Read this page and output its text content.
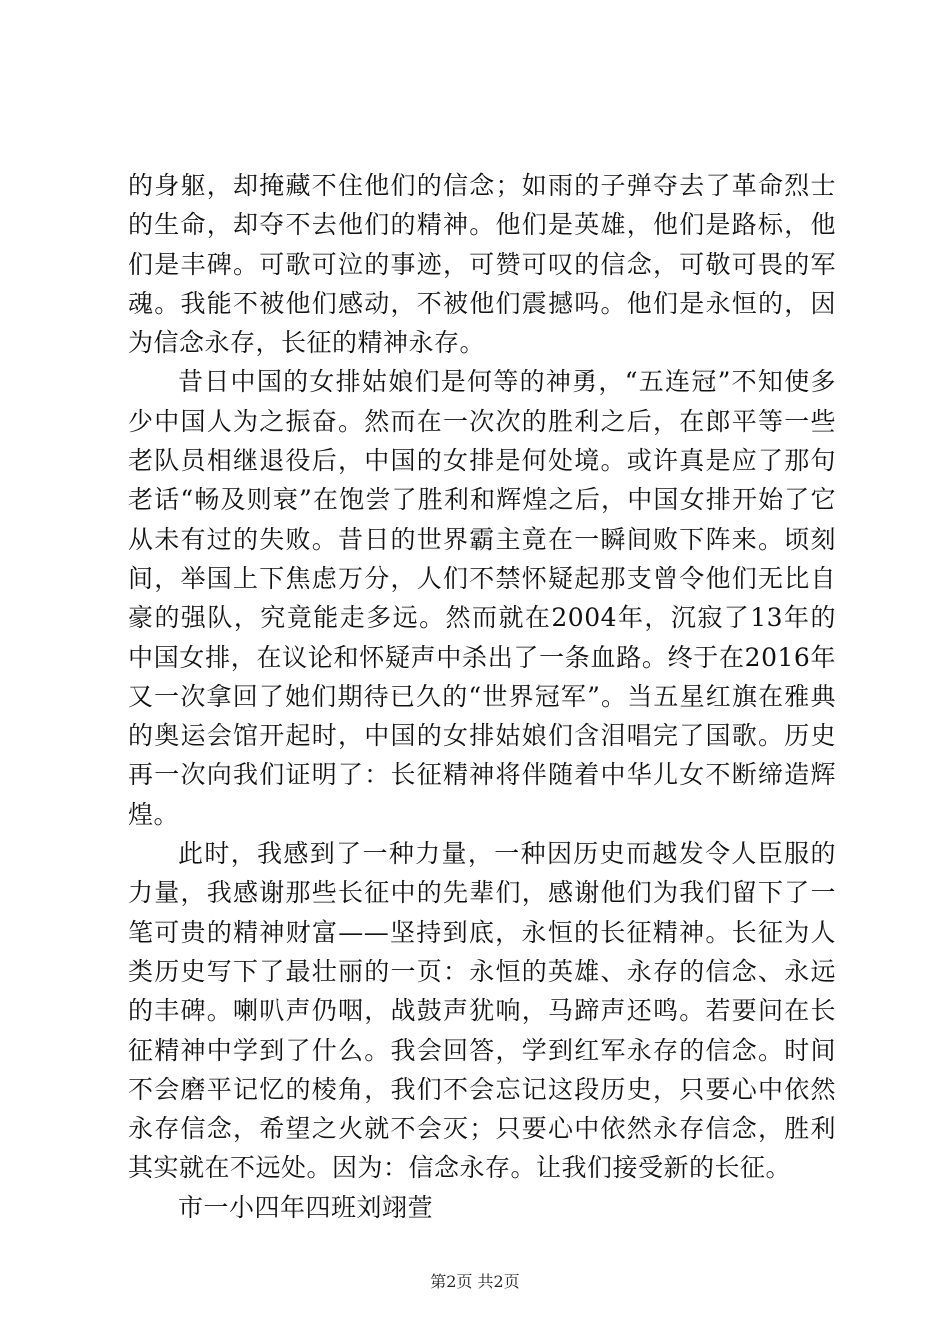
的身躯，却掩藏不住他们的信念；如雨的子弹夺去了革命烈士的生命，却夺不去他们的精神。他们是英雄，他们是路标，他们是丰碑。可歌可泣的事迹，可赞可叹的信念，可敬可畏的军魂。我能不被他们感动，不被他们震撼吗。他们是永恒的，因为信念永存，长征的精神永存。

昔日中国的女排姑娘们是何等的神勇，“五连冠”不知使多少中国人为之振奋。然而在一次次的胜利之后，在郎平等一些老队员相继退役后，中国的女排是何处境。或许真是应了那句老话“畅及则衰”在饱尝了胜利和辉煌之后，中国女排开始了它从未有过的失败。昔日的世界霸主竟在一瞬间败下阵来。顷刻间，举国上下焦虑万分，人们不禁怀疑起那支曾令他们无比自豪的强队，究竟能走多远。然而就在2004年，沉寂了13年的中国女排，在议论和怀疑声中杀出了一条血路。终于在2016年又一次拿回了她们期待已久的“世界冠军”。当五星红旗在雅典的奥运会馆开起时，中国的女排姑娘们含泪唱完了国歌。历史再一次向我们证明了：长征精神将伴随着中华儿女不断缔造辉煌。

此时，我感到了一种力量，一种因历史而越发令人臣服的力量，我感谢那些长征中的先辈们，感谢他们为我们留下了一笔可贵的精神财富——坚持到底，永恒的长征精神。长征为人类历史写下了最壮丽的一页：永恒的英雄、永存的信念、永远的丰碑。喇叭声仍咽，战鼓声犹响，马蹄声还鸣。若要问在长征精神中学到了什么。我会回答，学到红军永存的信念。时间不会磨平记忆的棱角，我们不会忘记这段历史，只要心中依然永存信念，希望之火就不会灭；只要心中依然永存信念，胜利其实就在不远处。因为：信念永存。让我们接受新的长征。

市一小四年四班刘翊萱

第2页 共2页
